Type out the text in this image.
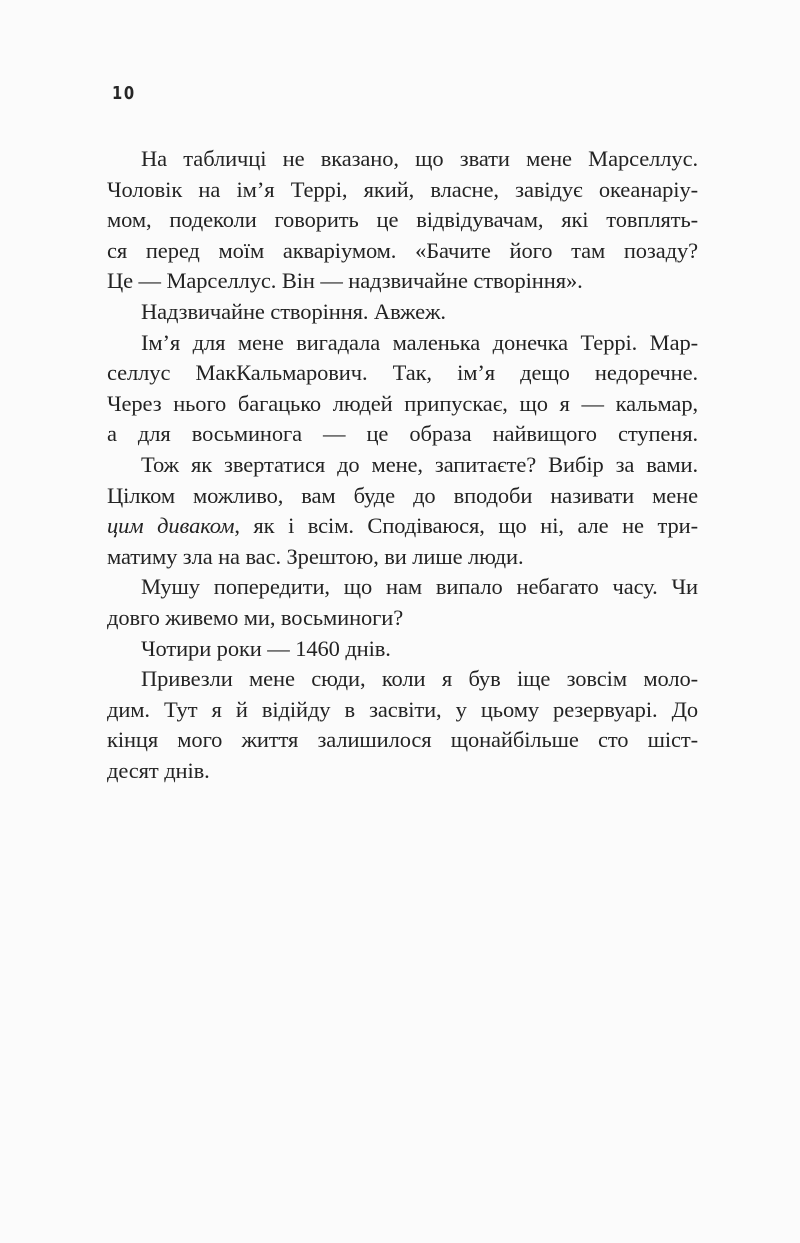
10
На табличці не вказано, що звати мене Марселлус.
Чоловік на ім’я Террі, який, власне, завідує океанаріу-
мом, подеколи говорить це відвідувачам, які товплять-
ся перед моїм акваріумом. «Бачите його там позаду?
Це — Марселлус. Він — надзвичайне створіння».
Надзвичайне створіння. Авжеж.
Ім’я для мене вигадала маленька донечка Террі. Мар-
селлус МакКальмарович. Так, ім’я дещо недоречне.
Через нього багацько людей припускає, що я — кальмар,
а для восьминога — це образа найвищого ступеня.
Тож як звертатися до мене, запитаєте? Вибір за вами.
Цілком можливо, вам буде до вподоби називати мене
цим диваком, як і всім. Сподіваюся, що ні, але не три-
матиму зла на вас. Зрештою, ви лише люди.
Мушу попередити, що нам випало небагато часу. Чи
довго живемо ми, восьминоги?
Чотири роки — 1460 днів.
Привезли мене сюди, коли я був іще зовсім моло-
дим. Тут я й відійду в засвіти, у цьому резервуарі. До
кінця мого життя залишилося щонайбільше сто шіст-
десят днів.
